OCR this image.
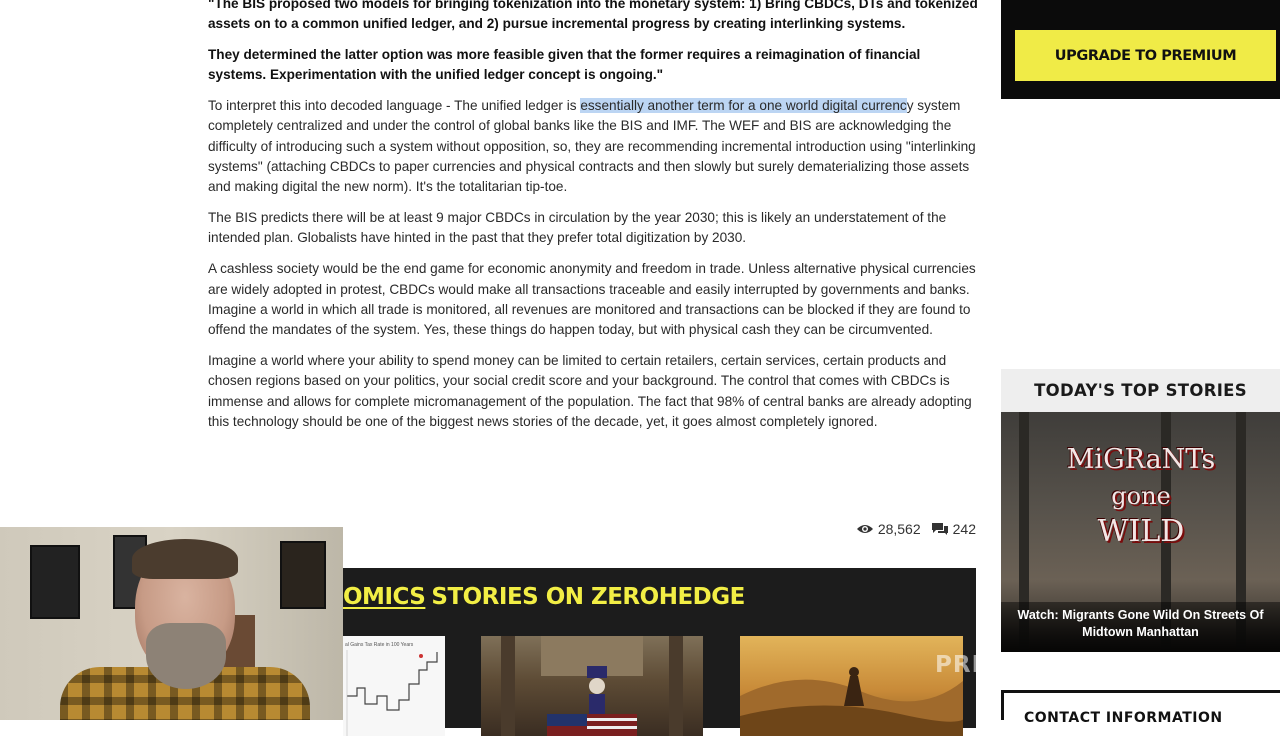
"The BIS proposed two models for bringing tokenization into the monetary system: 1) Bring CBDCs, DTs and tokenized assets on to a common unified ledger, and 2) pursue incremental progress by creating interlinking systems.

They determined the latter option was more feasible given that the former requires a reimagination of financial systems. Experimentation with the unified ledger concept is ongoing."

To interpret this into decoded language - The unified ledger is essentially another term for a one world digital currency system completely centralized and under the control of global banks like the BIS and IMF. The WEF and BIS are acknowledging the difficulty of introducing such a system without opposition, so, they are recommending incremental introduction using "interlinking systems" (attaching CBDCs to paper currencies and physical contracts and then slowly but surely dematerializing those assets and making digital the new norm). It's the totalitarian tip-toe.

The BIS predicts there will be at least 9 major CBDCs in circulation by the year 2030; this is likely an understatement of the intended plan. Globalists have hinted in the past that they prefer total digitization by 2030.

A cashless society would be the end game for economic anonymity and freedom in trade. Unless alternative physical currencies are widely adopted in protest, CBDCs would make all transactions traceable and easily interrupted by governments and banks. Imagine a world in which all trade is monitored, all revenues are monitored and transactions can be blocked if they are found to offend the mandates of the system. Yes, these things do happen today, but with physical cash they can be circumvented.

Imagine a world where your ability to spend money can be limited to certain retailers, certain services, certain products and chosen regions based on your politics, your social credit score and your background. The control that comes with CBDCs is immense and allows for complete micromanagement of the population. The fact that 98% of central banks are already adopting this technology should be one of the biggest news stories of the decade, yet, it goes almost completely ignored.

28,562 242
OMICS STORIES ON ZEROHEDGE
al Gains Tax Rate in 100 Years
UPGRADE TO PREMIUM
TODAY'S TOP STORIES
MiGRaNTs
gone
WILD
Watch: Migrants Gone Wild On Streets Of Midtown Manhattan
PREMIUM
CONTACT INFORMATION
